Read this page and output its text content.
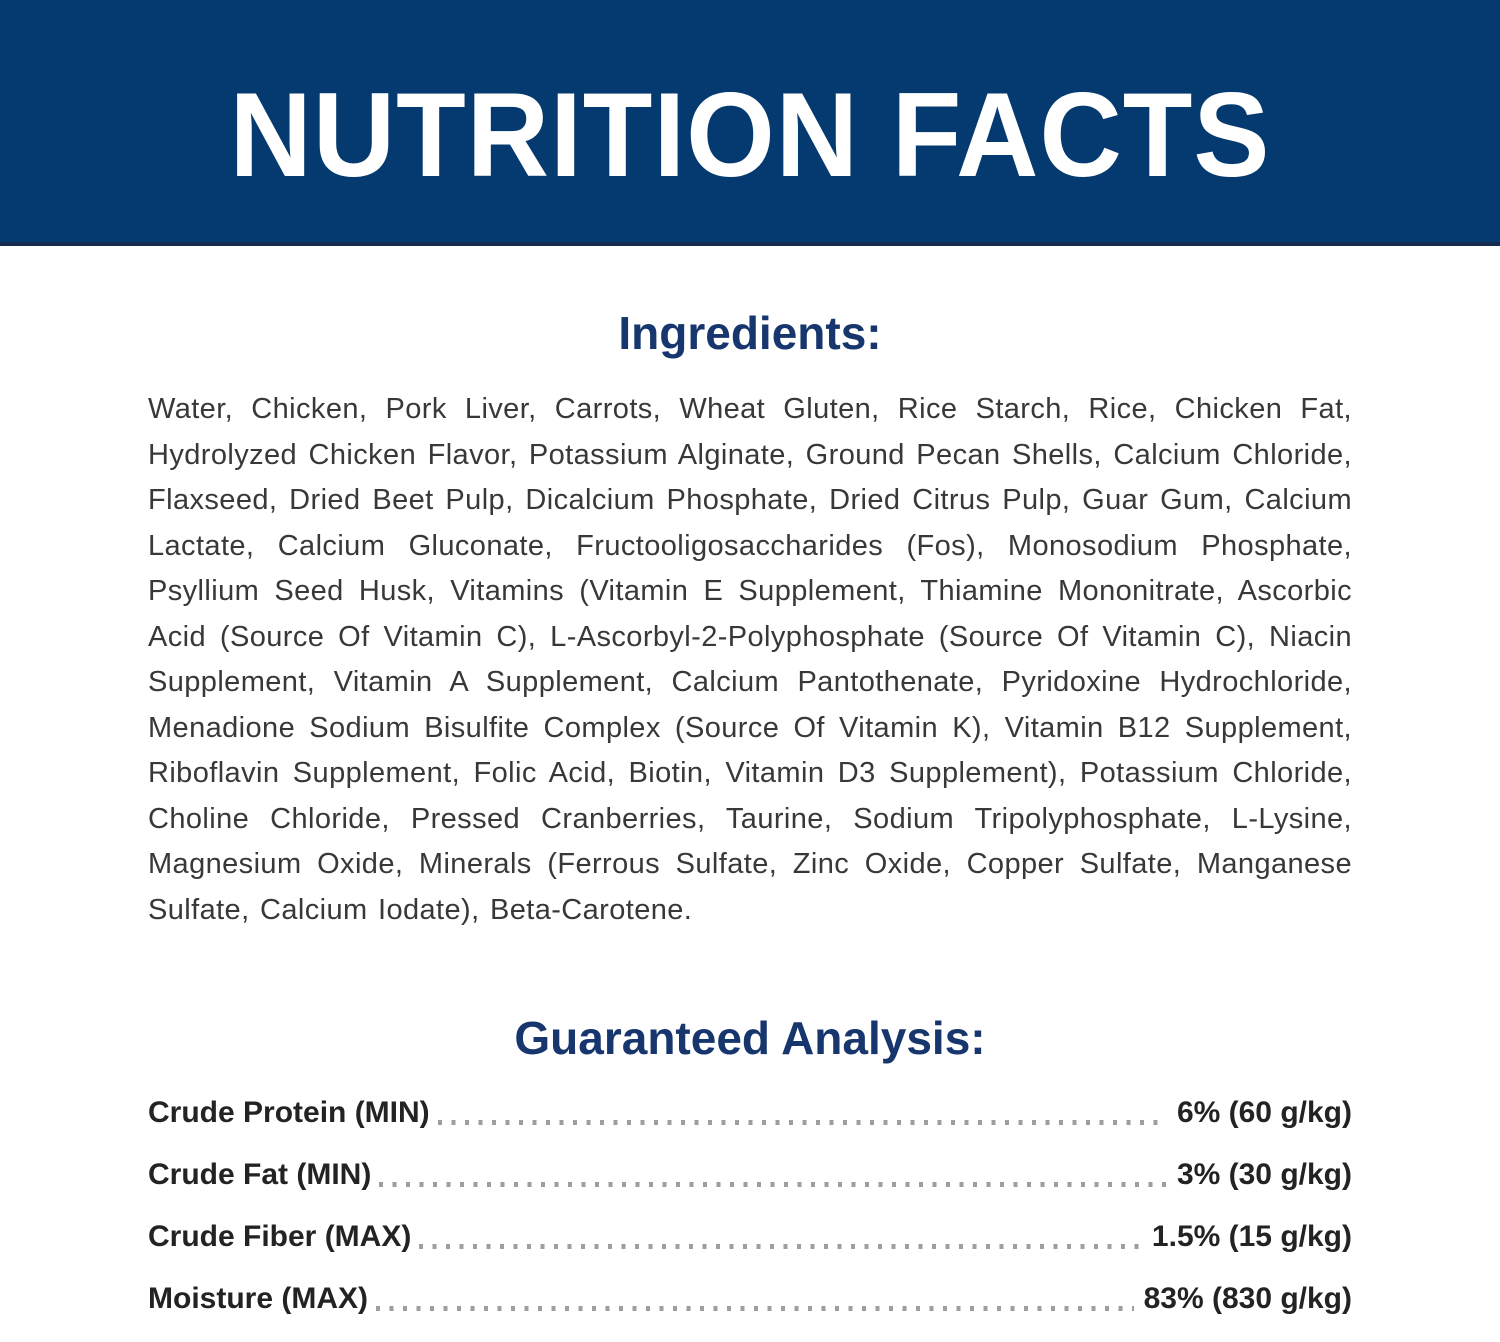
NUTRITION FACTS
Ingredients:

Water, Chicken, Pork Liver, Carrots, Wheat Gluten, Rice Starch, Rice, Chicken Fat, Hydrolyzed Chicken Flavor, Potassium Alginate, Ground Pecan Shells, Calcium Chloride, Flaxseed, Dried Beet Pulp, Dicalcium Phosphate, Dried Citrus Pulp, Guar Gum, Calcium Lactate, Calcium Gluconate, Fructooligosaccharides (Fos), Monosodium Phosphate, Psyllium Seed Husk, Vitamins (Vitamin E Supplement, Thiamine Mononitrate, Ascorbic Acid (Source Of Vitamin C), L-Ascorbyl-2-Polyphosphate (Source Of Vitamin C), Niacin Supplement, Vitamin A Supplement, Calcium Pantothenate, Pyridoxine Hydrochloride, Menadione Sodium Bisulfite Complex (Source Of Vitamin K), Vitamin B12 Supplement, Riboflavin Supplement, Folic Acid, Biotin, Vitamin D3 Supplement), Potassium Chloride, Choline Chloride, Pressed Cranberries, Taurine, Sodium Tripolyphosphate, L-Lysine, Magnesium Oxide, Minerals (Ferrous Sulfate, Zinc Oxide, Copper Sulfate, Manganese Sulfate, Calcium Iodate), Beta-Carotene.

Guaranteed Analysis:
Crude Protein (MIN)	6% (60 g/kg)
Crude Fat (MIN)	3% (30 g/kg)
Crude Fiber (MAX)	1.5% (15 g/kg)
Moisture (MAX)	83% (830 g/kg)
